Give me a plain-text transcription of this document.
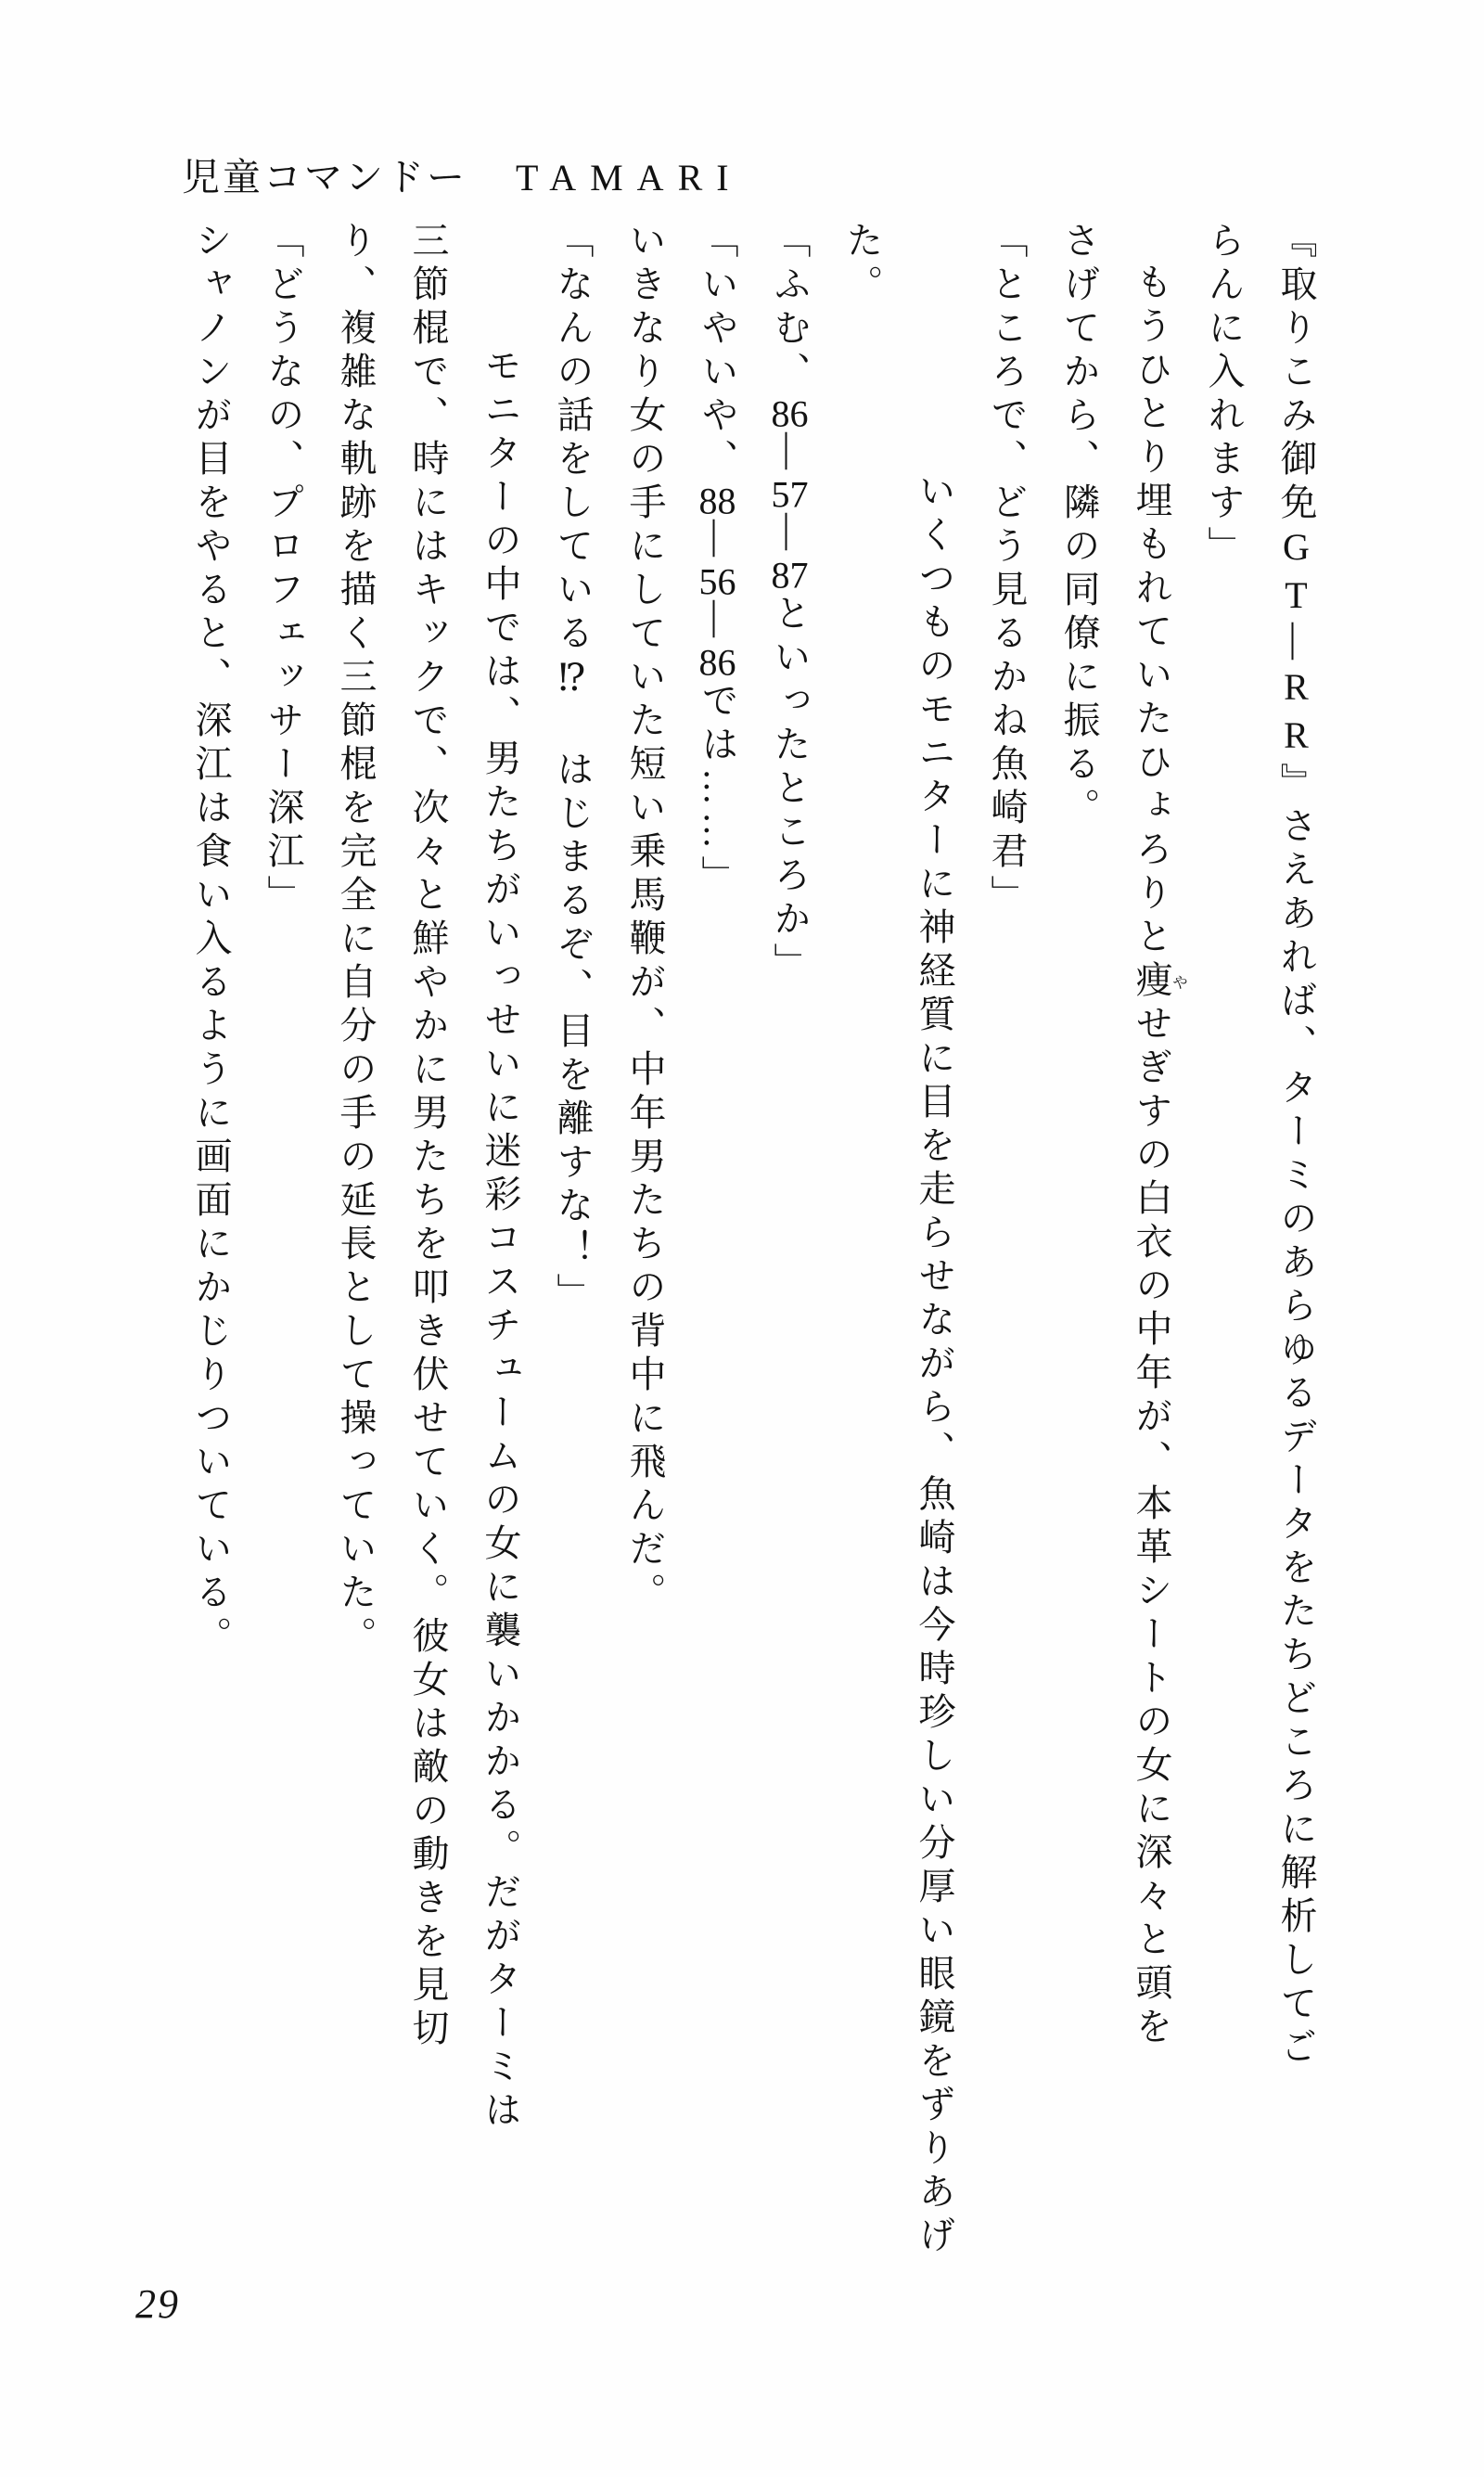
児童コマンドー TAMARI

『取りこみ御免GT—RR』さえあれば、ターミのあらゆるデータをたちどころに解析してご

らんに入れます」

もうひとり埋もれていたひょろりと痩やせぎすの白衣の中年が、本革シートの女に深々と頭を

さげてから、隣の同僚に振る。

「ところで、どう見るかね魚崎君」

いくつものモニターに神経質に目を走らせながら、魚崎は今時珍しい分厚い眼鏡をずりあげ

た。

「ふむ、86—57—87といったところか」

「いやいや、88—56—86では……」

いきなり女の手にしていた短い乗馬鞭が、中年男たちの背中に飛んだ。

「なんの話をしている⁉　はじまるぞ、目を離すな！」

モニターの中では、男たちがいっせいに迷彩コスチュームの女に襲いかかる。だがターミは

三節棍で、時にはキックで、次々と鮮やかに男たちを叩き伏せていく。彼女は敵の動きを見切

り、複雑な軌跡を描く三節棍を完全に自分の手の延長として操っていた。

「どうなの、プロフェッサー深江」

シャノンが目をやると、深江は食い入るように画面にかじりついている。

29
